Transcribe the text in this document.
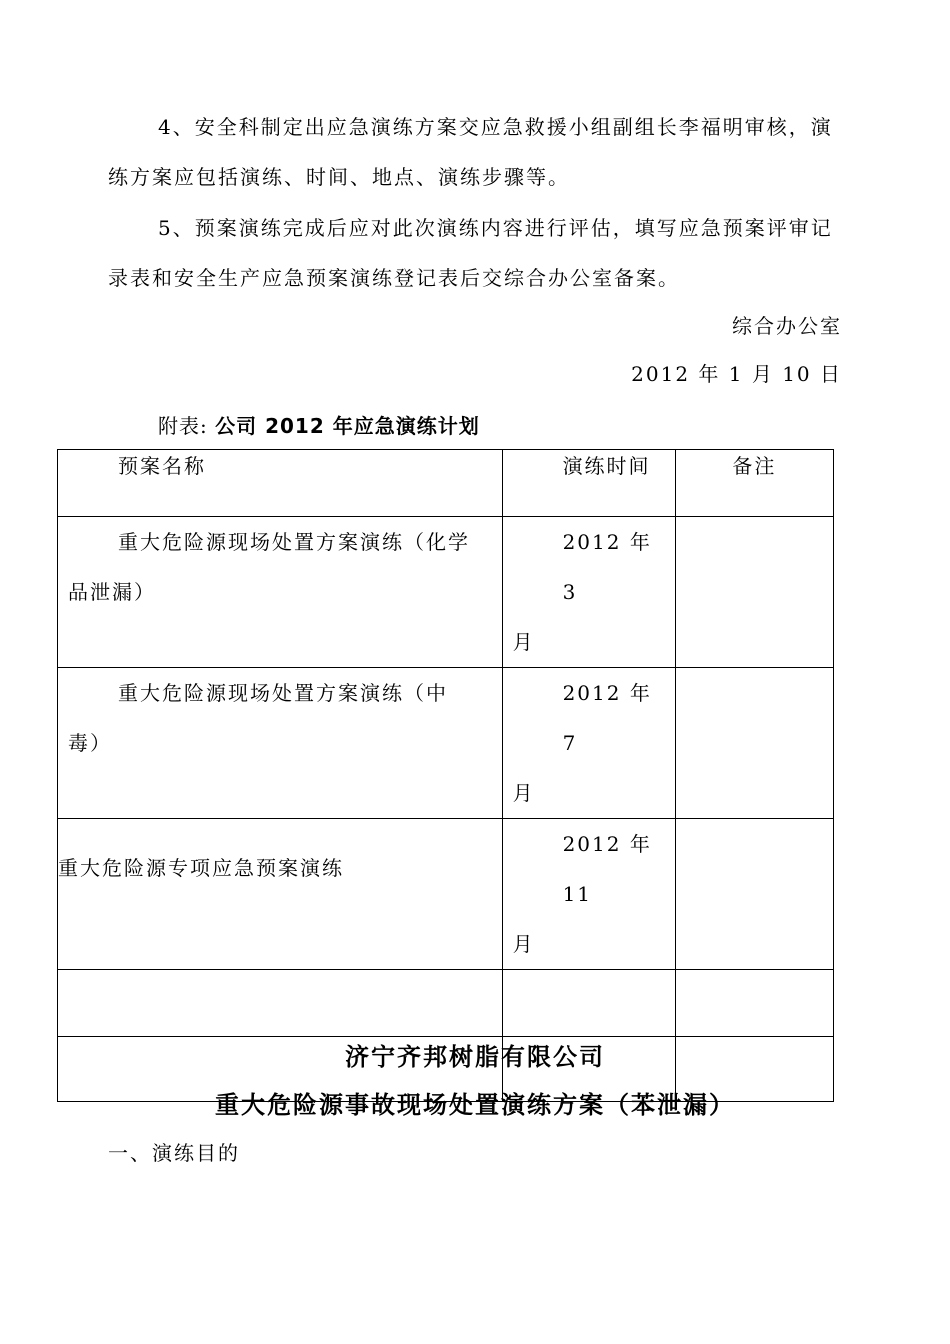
4、安全科制定出应急演练方案交应急救援小组副组长李福明审核，演
练方案应包括演练、时间、地点、演练步骤等。
5、预案演练完成后应对此次演练内容进行评估，填写应急预案评审记
录表和安全生产应急预案演练登记表后交综合办公室备案。
综合办公室
2012 年 1 月 10 日
附表: 公司 2012 年应急演练计划
预案名称	演练时间	备注

重大危险源现场处置方案演练（化学
品泄漏）	2012 年 3
月	

重大危险源现场处置方案演练（中
毒）	2012 年 7
月	

重大危险源专项应急预案演练	2012 年 11
月	

济宁齐邦树脂有限公司
重大危险源事故现场处置演练方案（苯泄漏）
一、演练目的
